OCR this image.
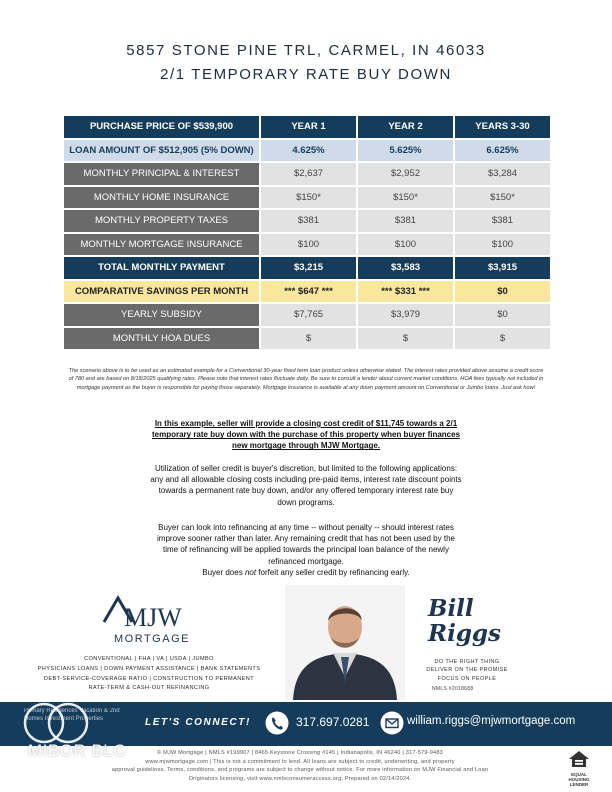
5857 STONE PINE TRL, CARMEL, IN 46033
2/1 TEMPORARY RATE BUY DOWN
PURCHASE PRICE OF $539,900	YEAR 1	YEAR 2	YEARS 3-30
LOAN AMOUNT OF $512,905 (5% DOWN)	4.625%	5.625%	6.625%
MONTHLY PRINCIPAL & INTEREST	$2,637	$2,952	$3,284
MONTHLY HOME INSURANCE	$150*	$150*	$150*
MONTHLY PROPERTY TAXES	$381	$381	$381
MONTHLY MORTGAGE INSURANCE	$100	$100	$100
TOTAL MONTHLY PAYMENT	$3,215	$3,583	$3,915
COMPARATIVE SAVINGS PER MONTH	*** $647 ***	*** $331 ***	$0
YEARLY SUBSIDY	$7,765	$3,979	$0
MONTHLY HOA DUES	$	$	$

The scenario above is to be used as an estimated example for a Conventional 30-year fixed term loan product unless otherwise stated. The interest rates provided above assume a credit score of 780 and are based on 8/18/2025 qualifying rates. Please note that interest rates fluctuate daily. Be sure to consult a lender about current market conditions. HOA fees typically not included in mortgage payment as the buyer is responsible for paying those separately. Mortgage insurance is available at any down payment amount on Conventional or Jumbo loans. Just ask how!

In this example, seller will provide a closing cost credit of $11,745 towards a 2/1 temporary rate buy down with the purchase of this property when buyer finances new mortgage through MJW Mortgage.

Utilization of seller credit is buyer's discretion, but limited to the following applications: any and all allowable closing costs including pre-paid items, interest rate discount points towards a permanent rate buy down, and/or any offered temporary interest rate buy down programs.

Buyer can look into refinancing at any time -- without penalty -- should interest rates improve sooner rather than later. Any remaining credit that has not been used by the time of refinancing will be applied towards the principal loan balance of the newly refinanced mortgage.
Buyer does not forfeit any seller credit by refinancing early.
MJW
MORTGAGE
CONVENTIONAL | FHA | VA | USDA | JUMBO
PHYSICIANS LOANS | DOWN PAYMENT ASSISTANCE | BANK STATEMENTS
DEBT-SERVICE-COVERAGE RATIO | CONSTRUCTION TO PERMANENT
RATE-TERM & CASH-OUT REFINANCING
Bill
Riggs
DO THE RIGHT THING
DELIVER ON THE PROMISE
FOCUS ON PEOPLE
NMLS #2018688
Primary Residences Vacation & 2nd Homes Investment Properties	LET'S CONNECT!	317.697.0281	william.riggs@mjwmortgage.com
MIBOR BLC	© MJW Mortgage | NMLS #199907 | 8465 Keystone Crossing #145 | Indianapolis, IN 46240 | 317-579-9483
www.mjwmortgage.com | This is not a commitment to lend. All loans are subject to credit, underwriting, and property
approval guidelines. Terms, conditions, and programs are subject to change without notice. For more information on MJW Financial and Loan
Originators licensing, visit www.nmlsconsumeraccess.org. Prepared on 02/14/2024.
EQUAL HOUSING LENDER
